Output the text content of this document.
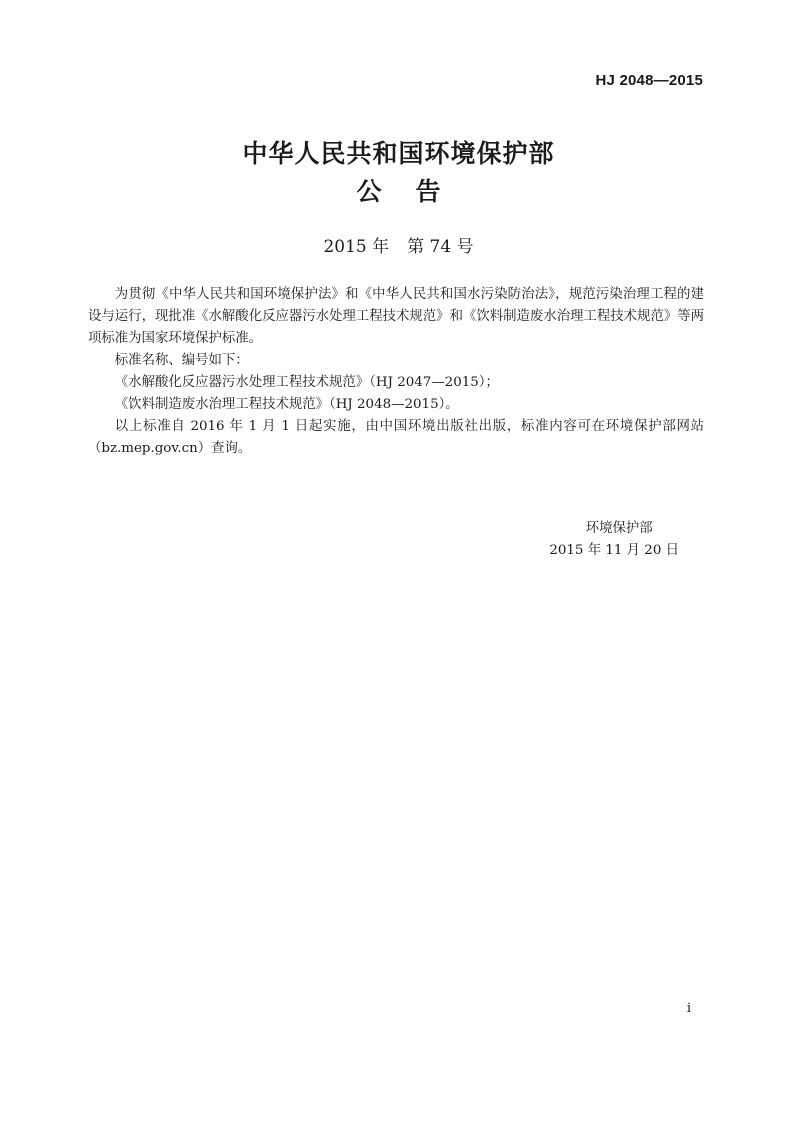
HJ 2048—2015
中华人民共和国环境保护部
公告
2015 年 第 74 号

为贯彻《中华人民共和国环境保护法》和《中华人民共和国水污染防治法》，规范污染治理工程的建设与运行，现批准《水解酸化反应器污水处理工程技术规范》和《饮料制造废水治理工程技术规范》等两项标准为国家环境保护标准。

标准名称、编号如下：

《水解酸化反应器污水处理工程技术规范》（HJ 2047—2015）；

《饮料制造废水治理工程技术规范》（HJ 2048—2015）。

以上标准自 2016 年 1 月 1 日起实施，由中国环境出版社出版，标准内容可在环境保护部网站（bz.mep.gov.cn）查询。

环境保护部
2015 年 11 月 20 日
i
